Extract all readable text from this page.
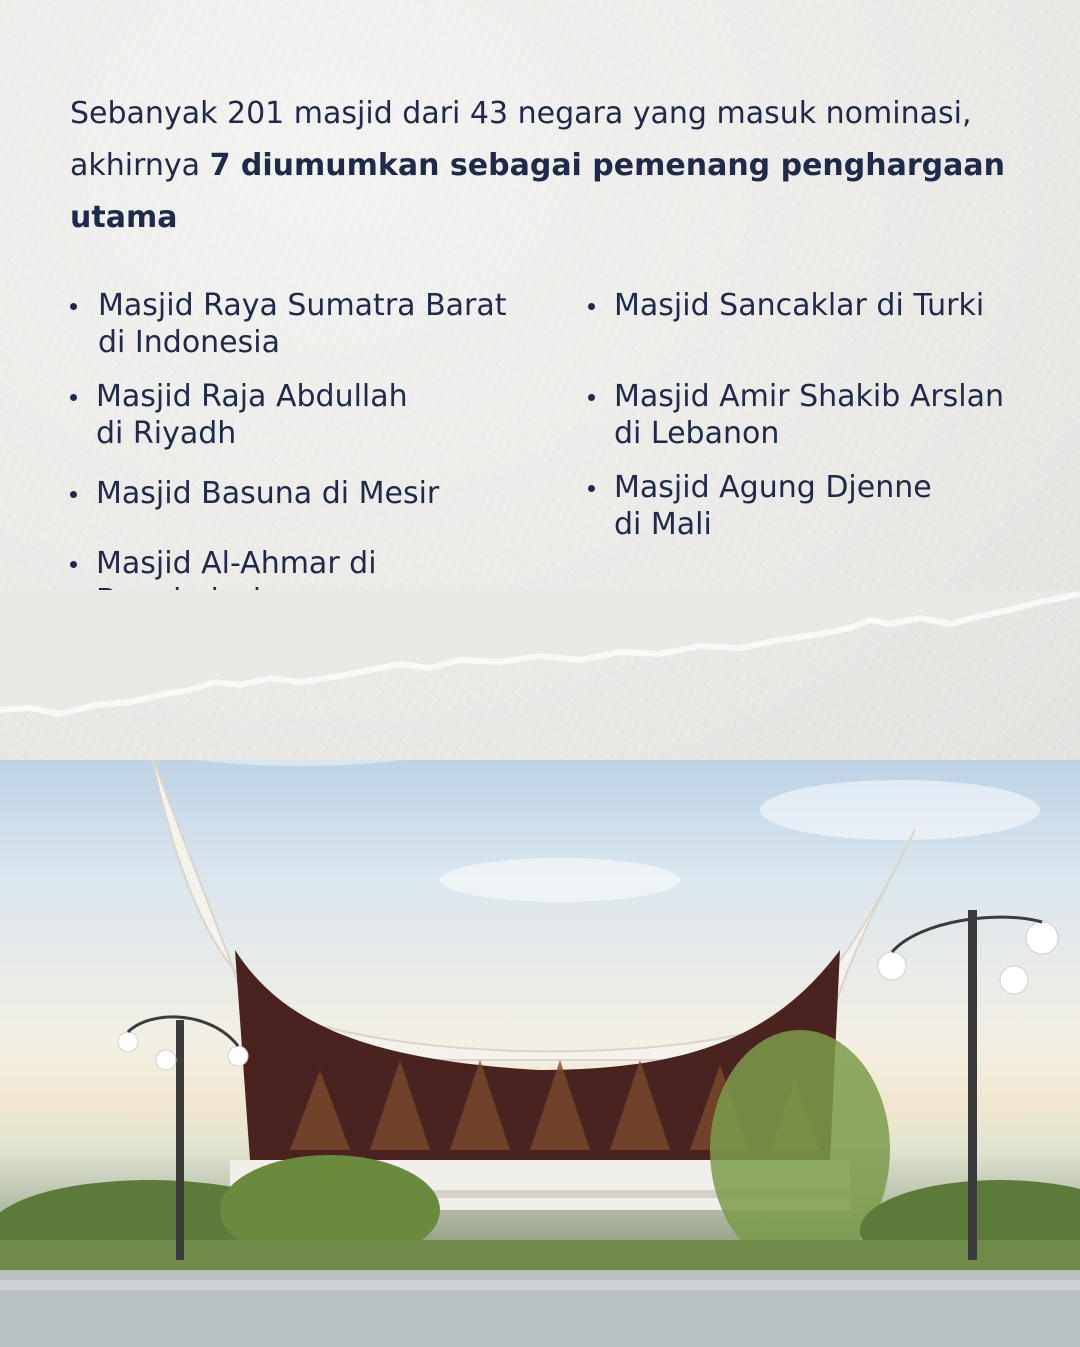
Sebanyak 201 masjid dari 43 negara yang masuk nominasi, akhirnya 7 diumumkan sebagai pemenang penghargaan utama

Masjid Raya Sumatra Barat
di Indonesia
Masjid Raja Abdullah
di Riyadh
Masjid Basuna di Mesir
Masjid Al-Ahmar di

Masjid Sancaklar di Turki
Masjid Amir Shakib Arslan
di Lebanon
Masjid Agung Djenne
di Mali
